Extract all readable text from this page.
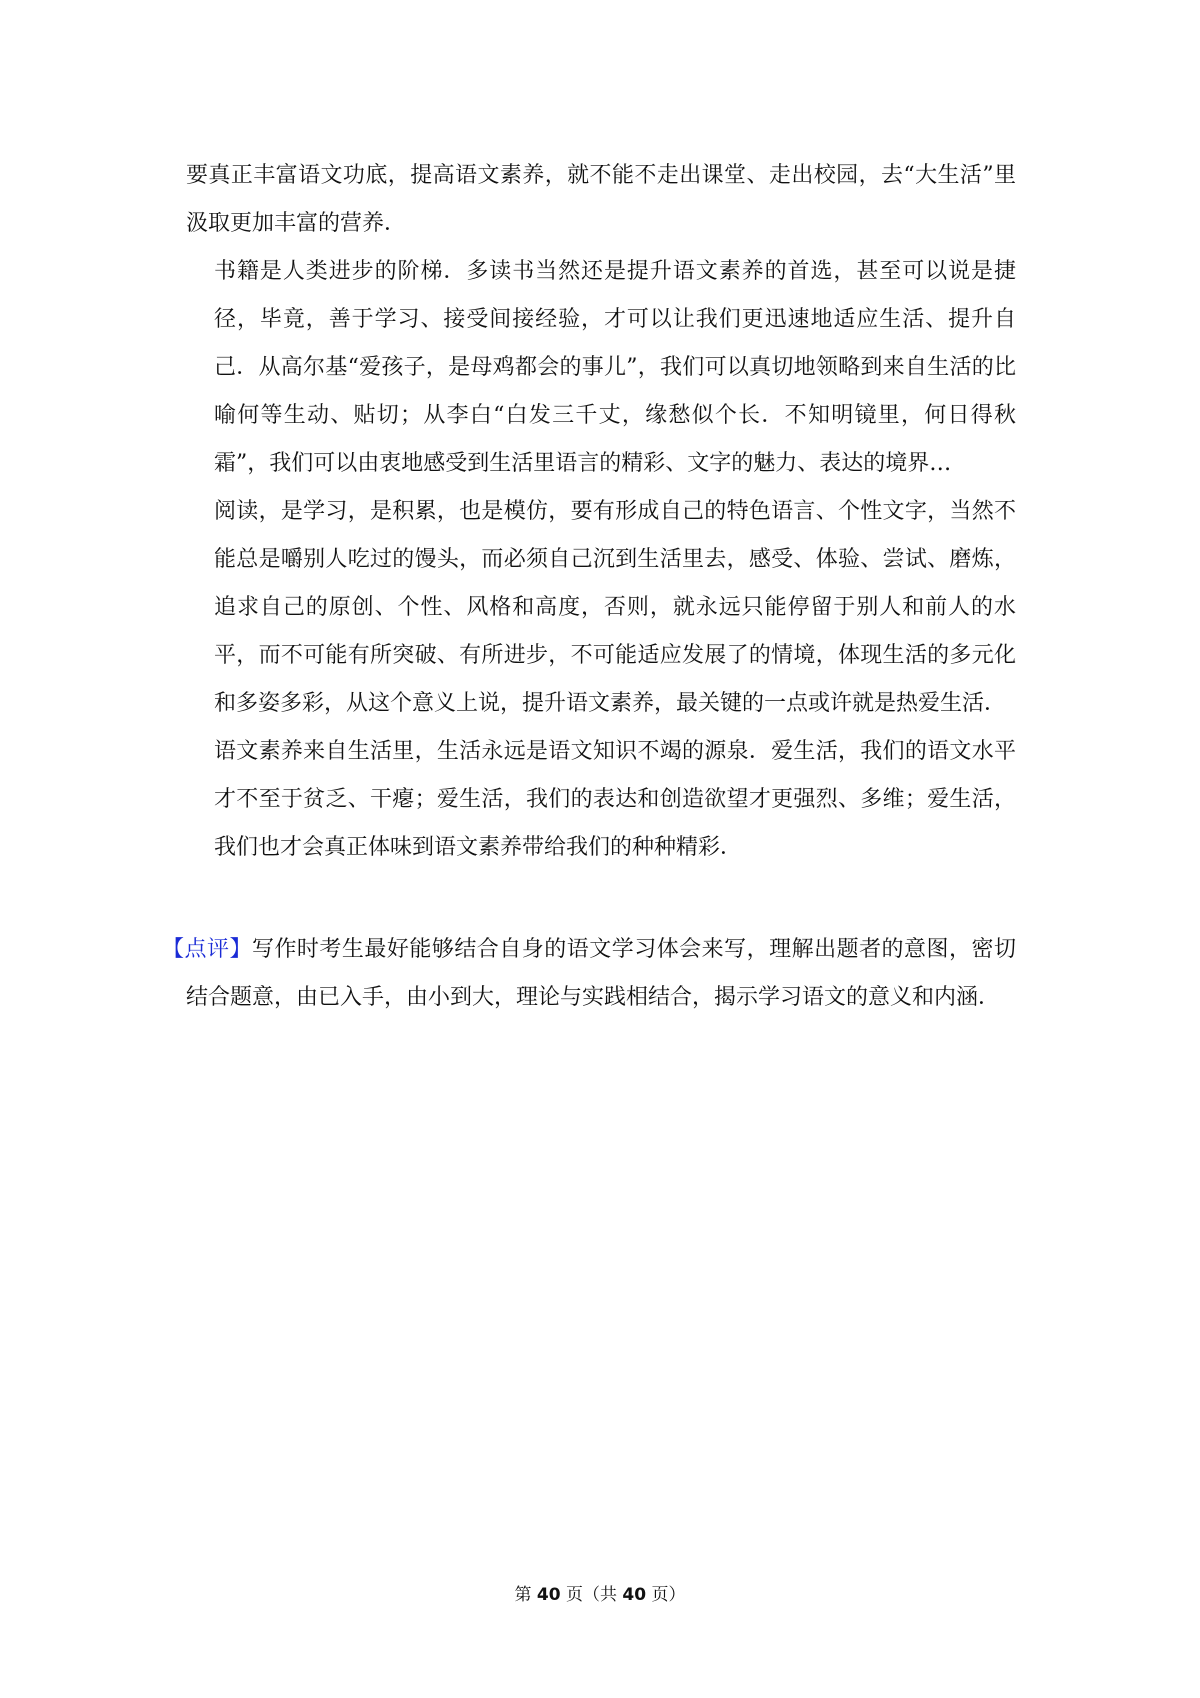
要真正丰富语文功底，提高语文素养，就不能不走出课堂、走出校园，去“大生活”里汲取更加丰富的营养．

书籍是人类进步的阶梯．多读书当然还是提升语文素养的首选，甚至可以说是捷径，毕竟，善于学习、接受间接经验，才可以让我们更迅速地适应生活、提升自己．从高尔基“爱孩子，是母鸡都会的事儿”，我们可以真切地领略到来自生活的比喻何等生动、贴切；从李白“白发三千丈，缘愁似个长．不知明镜里，何日得秋霜”，我们可以由衷地感受到生活里语言的精彩、文字的魅力、表达的境界…

阅读，是学习，是积累，也是模仿，要有形成自己的特色语言、个性文字，当然不能总是嚼别人吃过的馒头，而必须自己沉到生活里去，感受、体验、尝试、磨炼，追求自己的原创、个性、风格和高度，否则，就永远只能停留于别人和前人的水平，而不可能有所突破、有所进步，不可能适应发展了的情境，体现生活的多元化和多姿多彩，从这个意义上说，提升语文素养，最关键的一点或许就是热爱生活．

语文素养来自生活里，生活永远是语文知识不竭的源泉．爱生活，我们的语文水平才不至于贫乏、干瘪；爱生活，我们的表达和创造欲望才更强烈、多维；爱生活，我们也才会真正体味到语文素养带给我们的种种精彩．

【点评】写作时考生最好能够结合自身的语文学习体会来写，理解出题者的意图，密切结合题意，由已入手，由小到大，理论与实践相结合，揭示学习语文的意义和内涵．

第 40 页（共 40 页）
